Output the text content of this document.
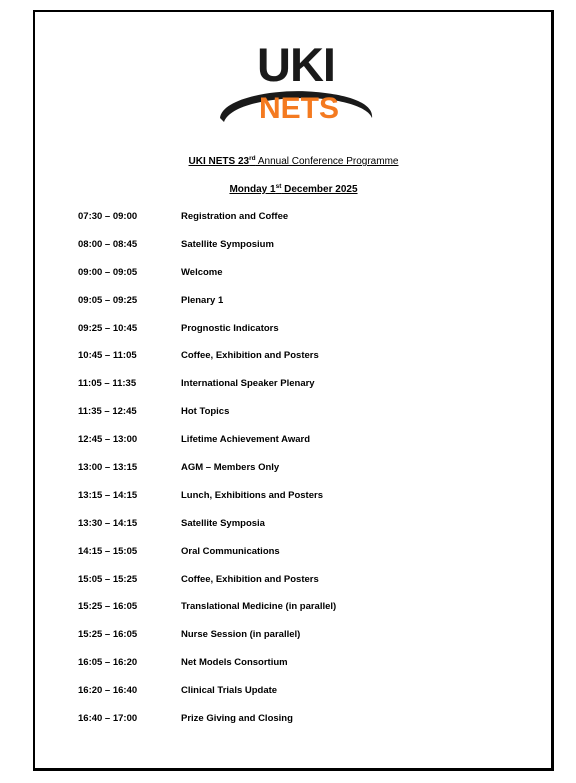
UKI
NETS
UKI NETS 23rd Annual Conference Programme
Monday 1st December 2025
07:30 – 09:00	Registration and Coffee
08:00 – 08:45	Satellite Symposium
09:00 – 09:05	Welcome
09:05 – 09:25	Plenary 1
09:25 – 10:45	Prognostic Indicators
10:45 – 11:05	Coffee, Exhibition and Posters
11:05 – 11:35	International Speaker Plenary
11:35 – 12:45	Hot Topics
12:45 – 13:00	Lifetime Achievement Award
13:00 – 13:15	AGM – Members Only
13:15 – 14:15	Lunch, Exhibitions and Posters
13:30 – 14:15	Satellite Symposia
14:15 – 15:05	Oral Communications
15:05 – 15:25	Coffee, Exhibition and Posters
15:25 – 16:05	Translational Medicine (in parallel)
15:25 – 16:05	Nurse Session (in parallel)
16:05 – 16:20	Net Models Consortium
16:20 – 16:40	Clinical Trials Update
16:40 – 17:00	Prize Giving and Closing
